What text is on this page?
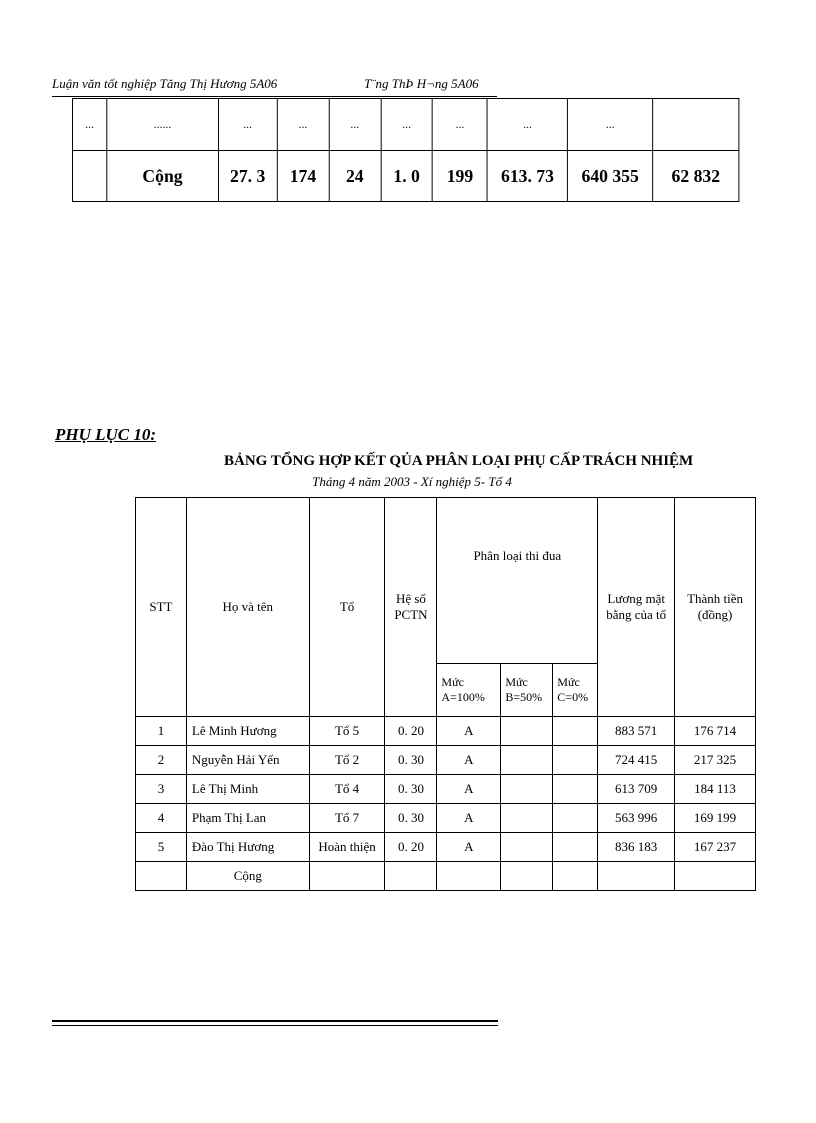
Luận văn tốt nghiệp Tăng Thị Hương 5A06	T¨ng ThÞ H¬ng 5A06
...	......	...	...	...	...	...	...	...	
	Cộng	27. 3	174	24	1. 0	199	613. 73	640 355	62 832
PHỤ LỤC 10:
BẢNG TỔNG HỢP KẾT QỦA PHÂN LOẠI PHỤ CẤP TRÁCH NHIỆM
Tháng 4 năm 2003 - Xí nghiệp 5- Tổ 4
STT	Họ và tên	Tổ	Hệ số PCTN	Phân loại thi đua			Lương mặt bằng của tổ	Thành tiền (đồng)
				Mức A=100%	Mức B=50%	Mức C=0%		
1	Lê Minh Hương	Tổ 5	0. 20	A			883 571	176 714
2	Nguyễn Hải Yến	Tổ 2	0. 30	A			724 415	217 325
3	Lê Thị Minh	Tổ 4	0. 30	A			613 709	184 113
4	Phạm Thị Lan	Tổ 7	0. 30	A			563 996	169 199
5	Đào Thị Hương	Hoàn thiện	0. 20	A			836 183	167 237
	Cộng							
